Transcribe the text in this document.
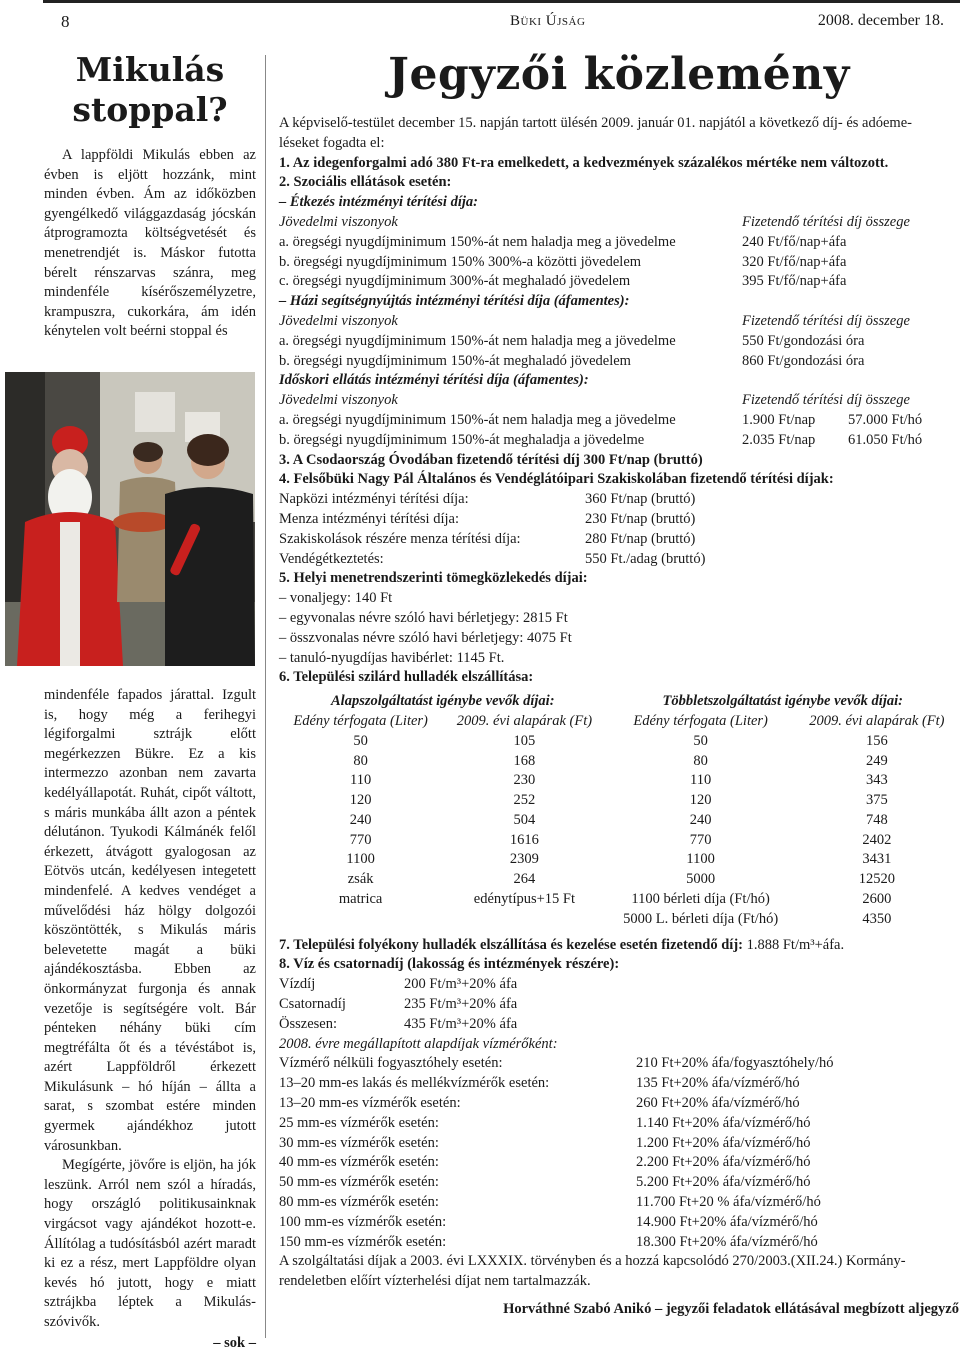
8	Büki Újság	2008. december 18.
Mikulás stoppal?

A lappföldi Mikulás ebben az évben is eljött hozzánk, mint minden évben. Ám az időközben gyengélkedő világgazdaság jócskán átprogramozta költségvetését és menetrendjét is. Máskor futotta bérelt rénszarvas szánra, meg mindenféle kísérőszemélyzetre, krampuszra, cukorkára, ám idén kénytelen volt beérni stoppal és

mindenféle fapados járattal. Izgult is, hogy még a ferihegyi légiforgalmi sztrájk előtt megérkezzen Bükre. Ez a kis intermezzo azonban nem zavarta kedélyállapotát. Ruhát, cipőt váltott, s máris munkába állt azon a péntek délutánon. Tyukodi Kálmánék felől érkezett, átvágott gyalogosan az Eötvös utcán, kedélyesen integetett mindenfelé. A kedves vendéget a művelődési ház hölgy dolgozói köszöntötték, s Mikulás máris belevetette magát a büki ajándékosztásba. Ebben az önkormányzat furgonja és annak vezetője is segítségére volt. Bár pénteken néhány büki cím megtréfálta őt és a tévéstábot is, azért Lappföldről érkezett Mikulásunk – hó híján – állta a sarat, s szombat estére minden gyermek ajándékhoz jutott városunkban.

Megígérte, jövőre is eljön, ha jók leszünk. Arról nem szól a híradás, hogy országló politikusainknak virgácsot vagy ajándékot hozott-e. Állítólag a tudósításból azért maradt ki ez a rész, mert Lappföldre olyan kevés hó jutott, hogy e miatt sztrájkba léptek a Mikulás-szóvivők.

– sok –
Jegyzői közlemény
A képviselő-testület december 15. napján tartott ülésén 2009. január 01. napjától a következő díj- és adóeme-
léseket fogadta el:
1. Az idegenforgalmi adó 380 Ft-ra emelkedett, a kedvezmények százalékos mértéke nem változott.
2. Szociális ellátások esetén:
– Étkezés intézményi térítési díja:
Jövedelmi viszonyok	Fizetendő térítési díj összege
a. öregségi nyugdíjminimum 150%-át nem haladja meg a jövedelme	240 Ft/fő/nap+áfa
b. öregségi nyugdíjminimum 150% 300%-a közötti jövedelem	320 Ft/fő/nap+áfa
c. öregségi nyugdíjminimum 300%-át meghaladó jövedelem	395 Ft/fő/nap+áfa
– Házi segítségnyújtás intézményi térítési díja (áfamentes):
Jövedelmi viszonyok	Fizetendő térítési díj összege
a. öregségi nyugdíjminimum 150%-át nem haladja meg a jövedelme	550 Ft/gondozási óra
b. öregségi nyugdíjminimum 150%-át meghaladó jövedelem	860 Ft/gondozási óra
Időskori ellátás intézményi térítési díja (áfamentes):
Jövedelmi viszonyok	Fizetendő térítési díj összege
a. öregségi nyugdíjminimum 150%-át nem haladja meg a jövedelme	1.900 Ft/nap 57.000 Ft/hó
b. öregségi nyugdíjminimum 150%-át meghaladja a jövedelme	2.035 Ft/nap 61.050 Ft/hó
3. A Csodaország Óvodában fizetendő térítési díj 300 Ft/nap (bruttó)
4. Felsőbüki Nagy Pál Általános és Vendéglátóipari Szakiskolában fizetendő térítési díjak:
Napközi intézményi térítési díja:	360 Ft/nap (bruttó)
Menza intézményi térítési díja:	230 Ft/nap (bruttó)
Szakiskolások részére menza térítési díja:	280 Ft/nap (bruttó)
Vendégétkeztetés:	550 Ft./adag (bruttó)
5. Helyi menetrendszerinti tömegközlekedés díjai:
– vonaljegy: 140 Ft
– egyvonalas névre szóló havi bérletjegy: 2815 Ft
– összvonalas névre szóló havi bérletjegy: 4075 Ft
– tanuló-nyugdíjas havibérlet: 1145 Ft.
6. Települési szilárd hulladék elszállítása:
Alapszolgáltatást igénybe vevők díjai:		Többletszolgáltatást igénybe vevők díjai:	
Edény térfogata (Liter)	2009. évi alapárak (Ft)	Edény térfogata (Liter)	2009. évi alapárak (Ft)
50	105	50	156
80	168	80	249
110	230	110	343
120	252	120	375
240	504	240	748
770	1616	770	2402
1100	2309	1100	3431
zsák	264	5000	12520
matrica	edénytípus+15 Ft	1100 bérleti díja (Ft/hó)	2600
		5000 L. bérleti díja (Ft/hó)	4350
7. Települési folyékony hulladék elszállítása és kezelése esetén fizetendő díj: 1.888 Ft/m³+áfa.
8. Víz és csatornadíj (lakosság és intézmények részére):
Vízdíj	200 Ft/m³+20% áfa
Csatornadíj	235 Ft/m³+20% áfa
Összesen:	435 Ft/m³+20% áfa
2008. évre megállapított alapdíjak vízmérőként:
Vízmérő nélküli fogyasztóhely esetén:	210 Ft+20% áfa/fogyasztóhely/hó
13–20 mm-es lakás és mellékvízmérők esetén:	135 Ft+20% áfa/vízmérő/hó
13–20 mm-es vízmérők esetén:	260 Ft+20% áfa/vízmérő/hó
25 mm-es vízmérők esetén:	1.140 Ft+20% áfa/vízmérő/hó
30 mm-es vízmérők esetén:	1.200 Ft+20% áfa/vízmérő/hó
40 mm-es vízmérők esetén:	2.200 Ft+20% áfa/vízmérő/hó
50 mm-es vízmérők esetén:	5.200 Ft+20% áfa/vízmérő/hó
80 mm-es vízmérők esetén:	11.700 Ft+20 % áfa/vízmérő/hó
100 mm-es vízmérők esetén:	14.900 Ft+20% áfa/vízmérő/hó
150 mm-es vízmérők esetén:	18.300 Ft+20% áfa/vízmérő/hó
A szolgáltatási díjak a 2003. évi LXXXIX. törvényben és a hozzá kapcsolódó 270/2003.(XII.24.) Kormány-
rendeletben előírt vízterhelési díjat nem tartalmazzák.
Horváthné Szabó Anikó – jegyzői feladatok ellátásával megbízott aljegyző
